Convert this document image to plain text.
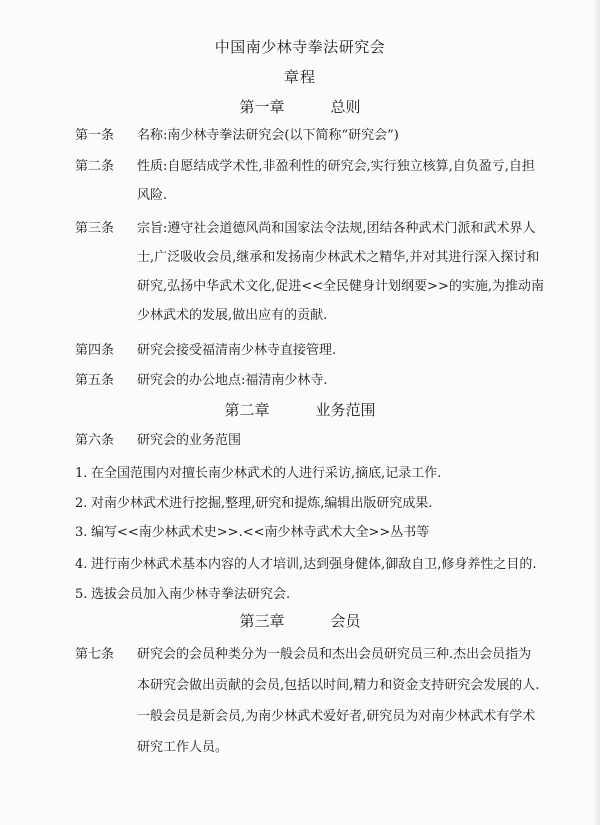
中国南少林寺拳法研究会
章程
第一章	总则
第一条 名称:南少林寺拳法研究会(以下简称“研究会”)
第二条 性质:自愿结成学术性,非盈利性的研究会,实行独立核算,自负盈亏,自担
风险.
第三条 宗旨:遵守社会道德风尚和国家法令法规,团结各种武术门派和武术界人
士,广泛吸收会员,继承和发扬南少林武术之精华,并对其进行深入探讨和
研究,弘扬中华武术文化,促进<<全民健身计划纲要>>的实施,为推动南
少林武术的发展,做出应有的贡献.
第四条 研究会接受福清南少林寺直接管理.
第五条 研究会的办公地点:福清南少林寺.
第二章	业务范围
第六条 研究会的业务范围
1. 在全国范围内对擅长南少林武术的人进行采访,摘底,记录工作.
2. 对南少林武术进行挖掘,整理,研究和提炼,编辑出版研究成果.
3. 编写<<南少林武术史>>.<<南少林寺武术大全>>丛书等
4. 进行南少林武术基本内容的人才培训,达到强身健体,御敌自卫,修身养性之目的.
5. 选拔会员加入南少林寺拳法研究会.
第三章	会员
第七条 研究会的会员种类分为一般会员和杰出会员研究员三种.杰出会员指为
本研究会做出贡献的会员,包括以时间,精力和资金支持研究会发展的人.
一般会员是新会员,为南少林武术爱好者,研究员为对南少林武术有学术
研究工作人员。
